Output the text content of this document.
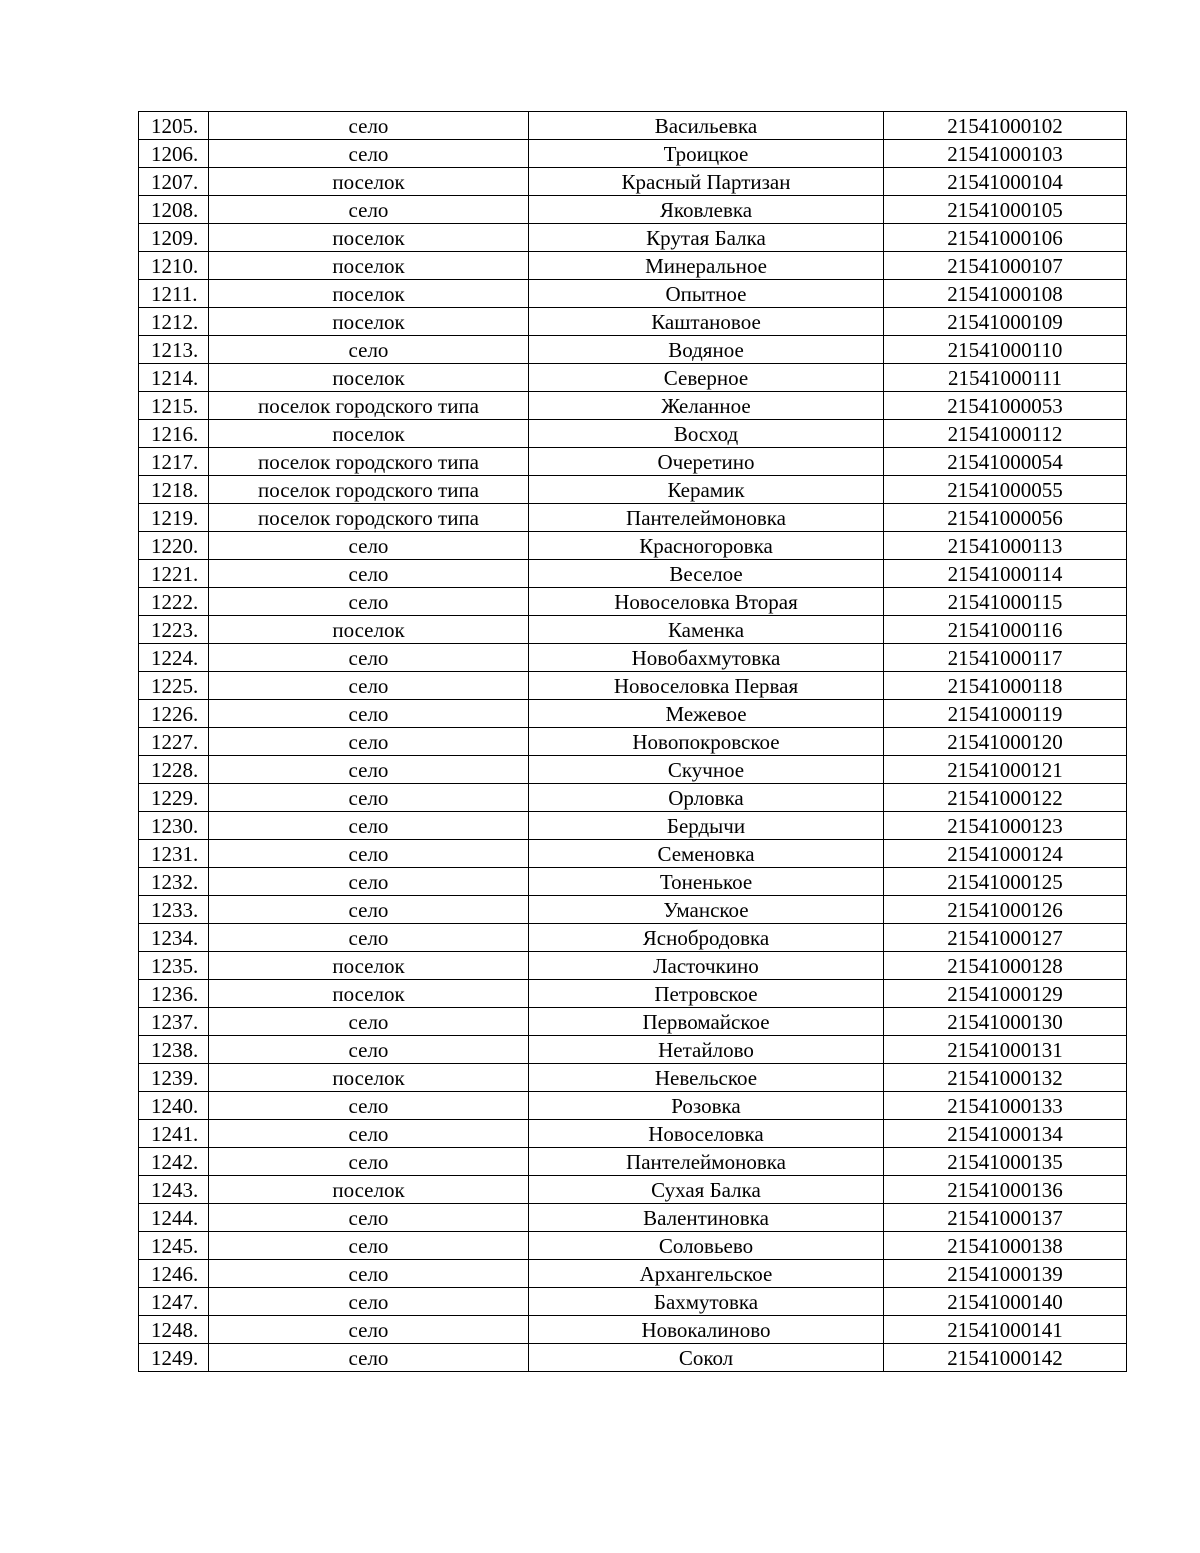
1205.	село	Васильевка	21541000102
1206.	село	Троицкое	21541000103
1207.	поселок	Красный Партизан	21541000104
1208.	село	Яковлевка	21541000105
1209.	поселок	Крутая Балка	21541000106
1210.	поселок	Минеральное	21541000107
1211.	поселок	Опытное	21541000108
1212.	поселок	Каштановое	21541000109
1213.	село	Водяное	21541000110
1214.	поселок	Северное	21541000111
1215.	поселок городского типа	Желанное	21541000053
1216.	поселок	Восход	21541000112
1217.	поселок городского типа	Очеретино	21541000054
1218.	поселок городского типа	Керамик	21541000055
1219.	поселок городского типа	Пантелеймоновка	21541000056
1220.	село	Красногоровка	21541000113
1221.	село	Веселое	21541000114
1222.	село	Новоселовка Вторая	21541000115
1223.	поселок	Каменка	21541000116
1224.	село	Новобахмутовка	21541000117
1225.	село	Новоселовка Первая	21541000118
1226.	село	Межевое	21541000119
1227.	село	Новопокровское	21541000120
1228.	село	Скучное	21541000121
1229.	село	Орловка	21541000122
1230.	село	Бердычи	21541000123
1231.	село	Семеновка	21541000124
1232.	село	Тоненькое	21541000125
1233.	село	Уманское	21541000126
1234.	село	Яснобродовка	21541000127
1235.	поселок	Ласточкино	21541000128
1236.	поселок	Петровское	21541000129
1237.	село	Первомайское	21541000130
1238.	село	Нетайлово	21541000131
1239.	поселок	Невельское	21541000132
1240.	село	Розовка	21541000133
1241.	село	Новоселовка	21541000134
1242.	село	Пантелеймоновка	21541000135
1243.	поселок	Сухая Балка	21541000136
1244.	село	Валентиновка	21541000137
1245.	село	Соловьево	21541000138
1246.	село	Архангельское	21541000139
1247.	село	Бахмутовка	21541000140
1248.	село	Новокалиново	21541000141
1249.	село	Сокол	21541000142
